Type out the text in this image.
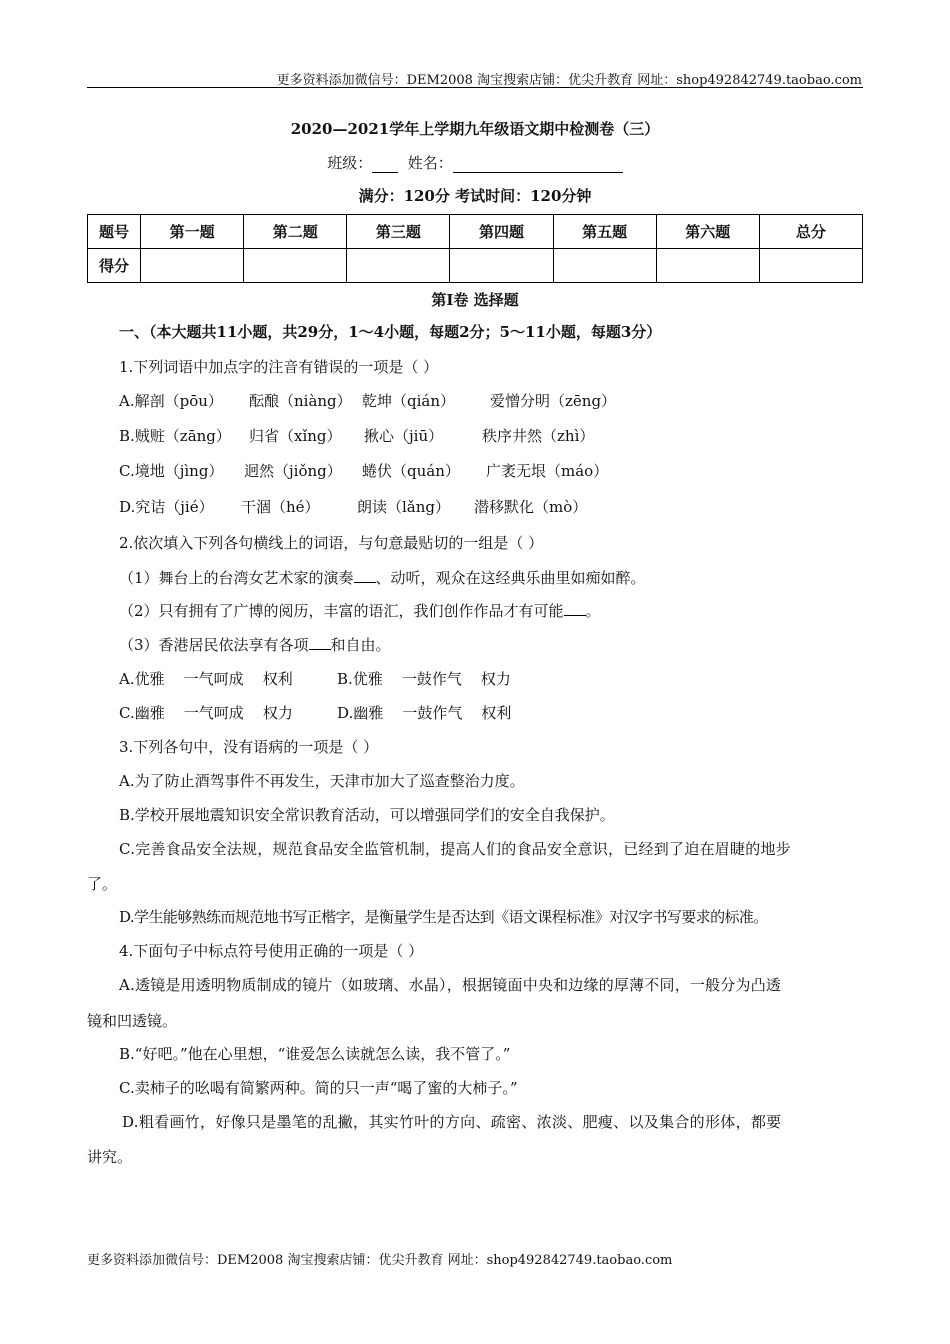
更多资料添加微信号：DEM2008 淘宝搜索店铺：优尖升教育 网址：shop492842749.taobao.com
2020—2021学年上学期九年级语文期中检测卷（三）
班级： 姓名：
满分：120分 考试时间：120分钟
题号	第一题	第二题	第三题	第四题	第五题	第六题	总分
得分							
第Ⅰ卷 选择题
一、（本大题共11小题，共29分，1～4小题，每题2分；5～11小题，每题3分）
1.下列词语中加点字的注音有错误的一项是（ ）
A.解剖（pōu） 酝酿（niàng） 乾坤（qián） 爱憎分明（zēng）
B.贼赃（zāng） 归省（xǐng） 揪心（jiū）	秩序井然（zhì）
C.境地（jìng） 迥然（jiǒng） 蜷伏（quán） 广袤无垠（máo）
D.究诘（jié） 干涸（hé） 朗读（lǎng） 潜移默化（mò）
2.依次填入下列各句横线上的词语，与句意最贴切的一组是（ ）
（1）舞台上的台湾女艺术家的演奏 、动听，观众在这经典乐曲里如痴如醉。
（2）只有拥有了广博的阅历，丰富的语汇，我们创作作品才有可能 。
（3）香港居民依法享有各项 和自由。
A.优雅    一气呵成    权利	B.优雅    一鼓作气    权力
C.幽雅    一气呵成    权力	D.幽雅    一鼓作气    权利
3.下列各句中，没有语病的一项是（ ）
A.为了防止酒驾事件不再发生，天津市加大了巡查整治力度。
B.学校开展地震知识安全常识教育活动，可以增强同学们的安全自我保护。
C.完善食品安全法规，规范食品安全监管机制，提高人们的食品安全意识，已经到了迫在眉睫的地步
了。
D.学生能够熟练而规范地书写正楷字，是衡量学生是否达到《语文课程标准》对汉字书写要求的标准。
4.下面句子中标点符号使用正确的一项是（ ）
A.透镜是用透明物质制成的镜片（如玻璃、水晶），根据镜面中央和边缘的厚薄不同，一般分为凸透
镜和凹透镜。
B.“好吧。”他在心里想，“谁爱怎么读就怎么读，我不管了。”
C.卖柿子的吆喝有简繁两种。简的只一声“喝了蜜的大柿子。”
D.粗看画竹，好像只是墨笔的乱撇，其实竹叶的方向、疏密、浓淡、肥瘦、以及集合的形体，都要
讲究。
更多资料添加微信号：DEM2008 淘宝搜索店铺：优尖升教育 网址：shop492842749.taobao.com
